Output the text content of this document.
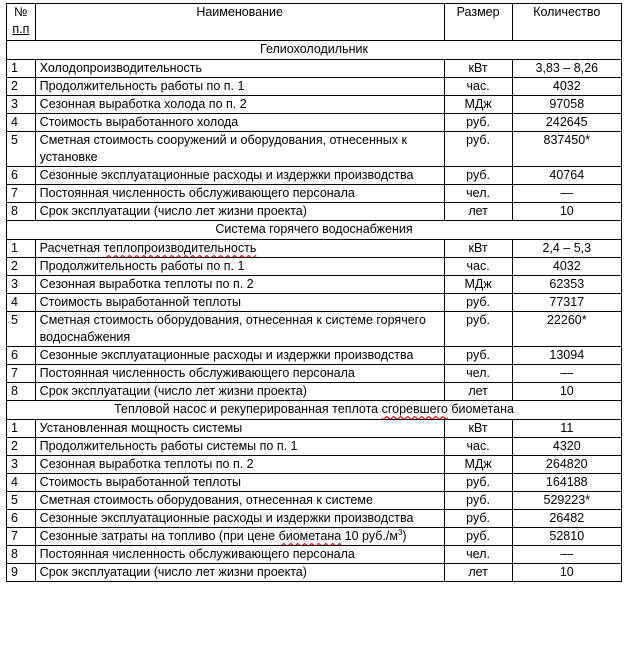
№
п.п	Наименование	Размер	Количество
Гелиохолодильник			
1	Холодопроизводительность	кВт	3,83 – 8,26
2	Продолжительность работы по п. 1	час.	4032
3	Сезонная выработка холода по п. 2	МДж	97058
4	Стоимость выработанного холода	руб.	242645
5	Сметная стоимость сооружений и оборудования, отнесенных к установке	руб.	837450*
6	Сезонные эксплуатационные расходы и издержки производства	руб.	40764
7	Постоянная численность обслуживающего персонала	чел.	—
8	Срок эксплуатации (число лет жизни проекта)	лет	10
Система горячего водоснабжения			
1	Расчетная теплопроизводительность	кВт	2,4 – 5,3
2	Продолжительность работы по п. 1	час.	4032
3	Сезонная выработка теплоты по п. 2	МДж	62353
4	Стоимость выработанной теплоты	руб.	77317
5	Сметная стоимость оборудования, отнесенная к системе горячего водоснабжения	руб.	22260*
6	Сезонные эксплуатационные расходы и издержки производства	руб.	13094
7	Постоянная численность обслуживающего персонала	чел.	—
8	Срок эксплуатации (число лет жизни проекта)	лет	10
Тепловой насос и рекуперированная теплота сгоревшего биометана			
1	Установленная мощность системы	кВт	11
2	Продолжительность работы системы по п. 1	час.	4320
3	Сезонная выработка теплоты по п. 2	МДж	264820
4	Стоимость выработанной теплоты	руб.	164188
5	Сметная стоимость оборудования, отнесенная к системе	руб.	529223*
6	Сезонные эксплуатационные расходы и издержки производства	руб.	26482
7	Сезонные затраты на топливо (при цене биометана 10 $руб./м^3$)	руб.	52810
8	Постоянная численность обслуживающего персонала	чел.	—
9	Срок эксплуатации (число лет жизни проекта)	лет	10
